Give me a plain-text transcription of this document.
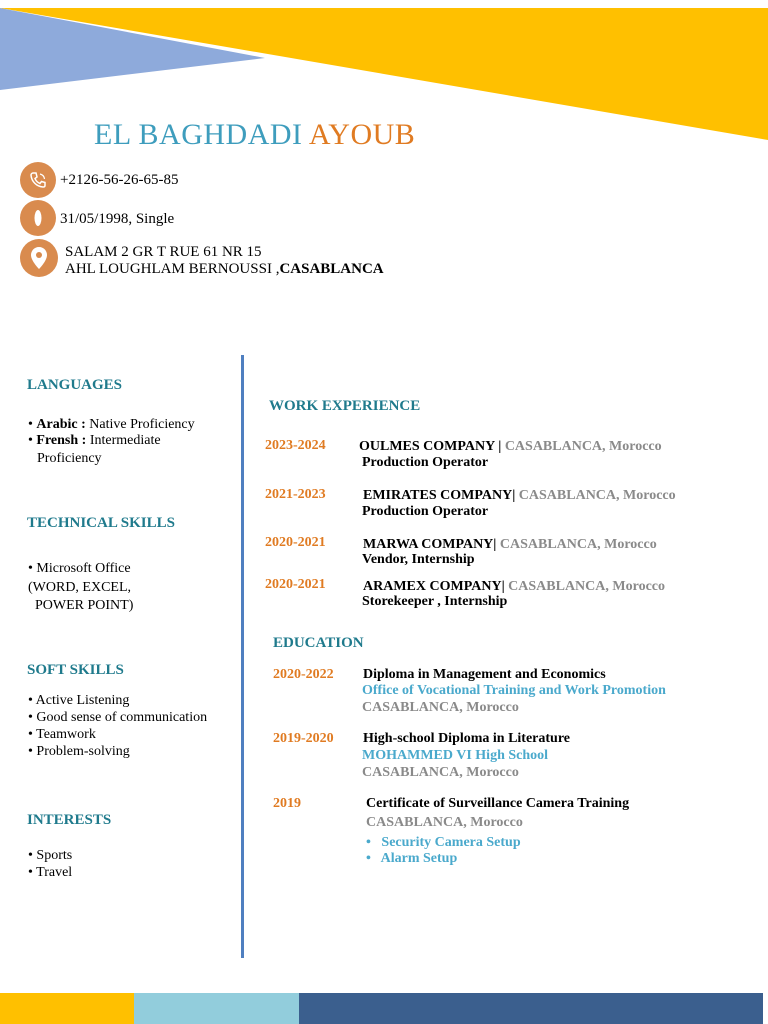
EL BAGHDADI AYOUB
+2126-56-26-65-85
31/05/1998, Single
SALAM 2 GR T RUE 61 NR 15
AHL LOUGHLAM BERNOUSSI ,CASABLANCA
LANGUAGES
• Arabic : Native Proficiency
• Frensh : Intermediate
Proficiency
TECHNICAL SKILLS
• Microsoft Office
(WORD, EXCEL,
POWER POINT)
SOFT SKILLS
• Active Listening
• Good sense of communication
• Teamwork
• Problem-solving
INTERESTS
• Sports
• Travel
WORK EXPERIENCE
2023-2024 OULMES COMPANY | CASABLANCA, Morocco
Production Operator
2021-2023	EMIRATES COMPANY| CASABLANCA, Morocco
Production Operator
2020-2021	MARWA COMPANY| CASABLANCA, Morocco
Vendor, Internship
2020-2021	ARAMEX COMPANY| CASABLANCA, Morocco
Storekeeper , Internship
EDUCATION
2020-2022 Diploma in Management and Economics
Office of Vocational Training and Work Promotion
CASABLANCA, Morocco
2019-2020 High-school Diploma in Literature
MOHAMMED VI High School
CASABLANCA, Morocco
2019	Certificate of Surveillance Camera Training
CASABLANCA, Morocco
•   Security Camera Setup
•   Alarm Setup
